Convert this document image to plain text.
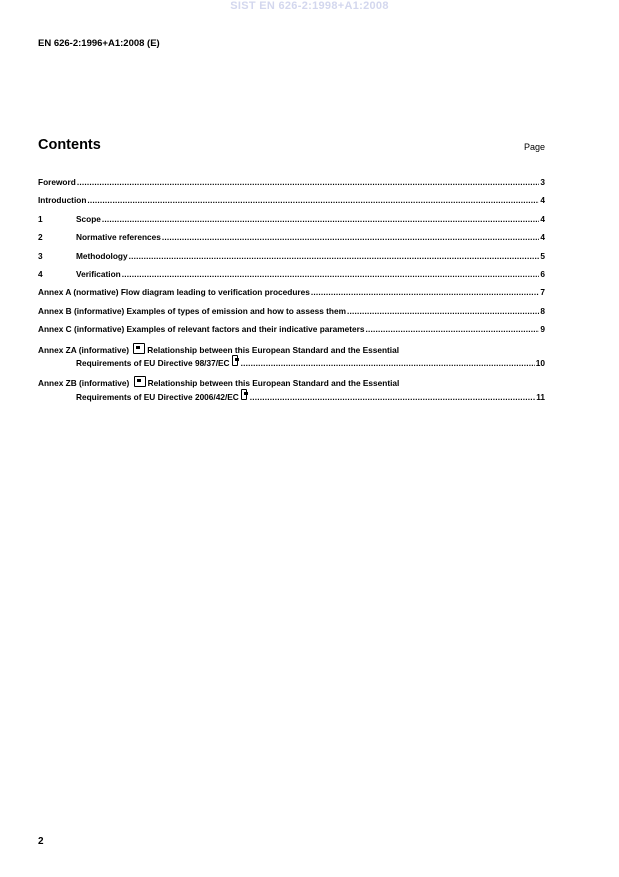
SIST EN 626-2:1998+A1:2008
EN 626-2:1996+A1:2008 (E)
Contents	Page
Foreword .....	3
Introduction .....	4
1	Scope .....	4
2	Normative references .....	4
3	Methodology .....	5
4	Verification .....	6
Annex A (normative) Flow diagram leading to verification procedures .....	7
Annex B (informative) Examples of types of emission and how to assess them .....	8
Annex C (informative) Examples of relevant factors and their indicative parameters .....	9
Annex ZA (informative) Relationship between this European Standard and the Essential
Requirements of EU Directive 98/37/EC .....	10
Annex ZB (informative) Relationship between this European Standard and the Essential
Requirements of EU Directive 2006/42/EC .....	11
2
